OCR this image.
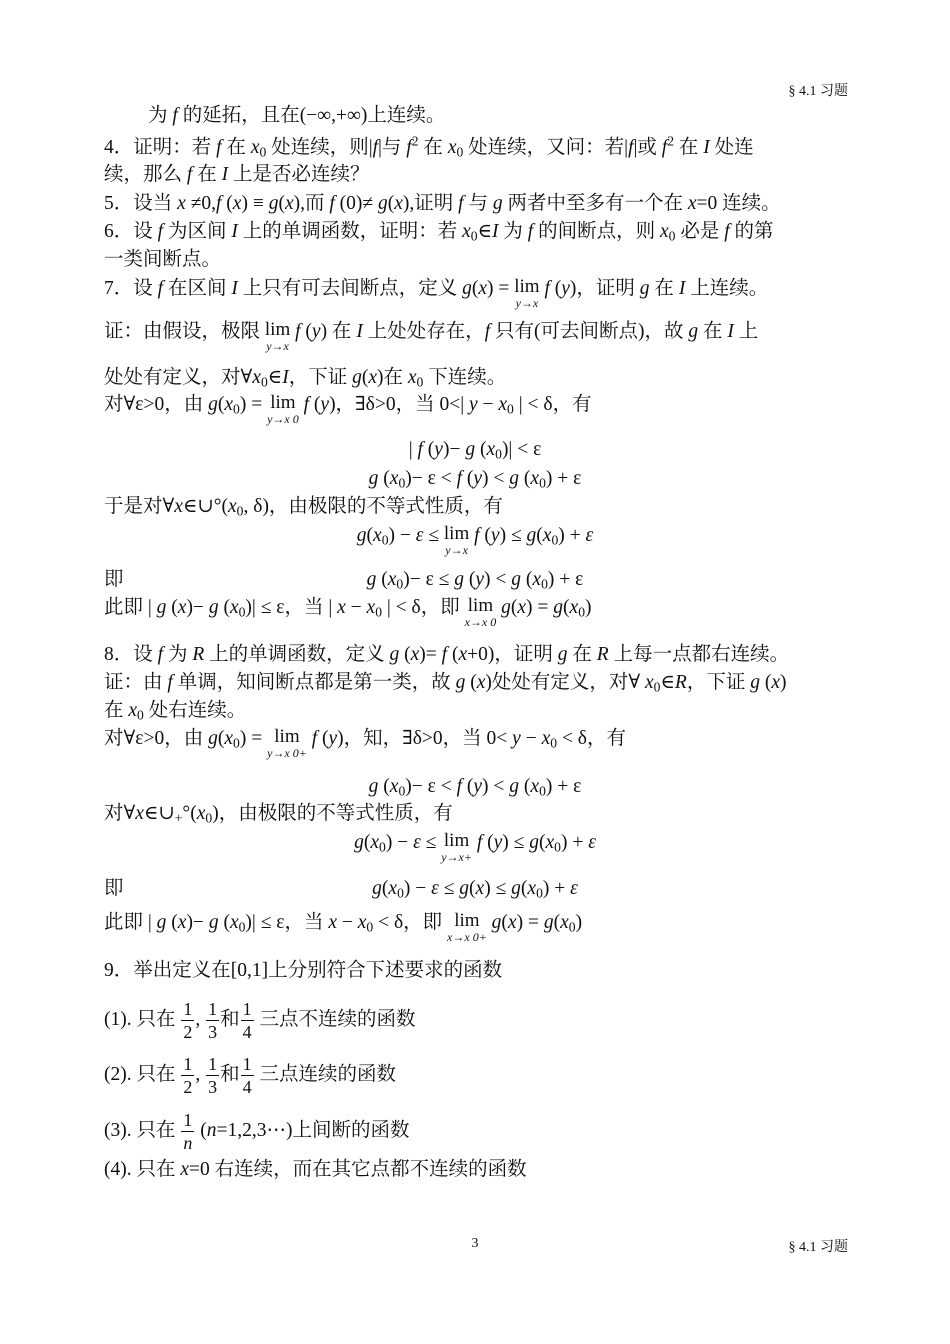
§ 4.1 习题
为 f 的延拓，且在(−∞,+∞)上连续。
4．证明：若 f 在 $x_0$ 处连续，则|f|与 $f^2$ 在 $x_0$ 处连续，又问：若|f|或 $f^2$ 在 I 处连
续，那么 f 在 I 上是否必连续？
5．设当 x ≠0,f (x) ≡ g(x),而 f (0)≠ g(x),证明 f 与 g 两者中至多有一个在 x=0 连续。
6．设 f 为区间 I 上的单调函数，证明：若 $x_0\in I$ 为 f 的间断点，则 $x_0$ 必是 f 的第
一类间断点。
7．设 f 在区间 I 上只有可去间断点，定义 g(x) = lim
y→x
f (y)，证明 g 在 I 上连续。
证：由假设，极限 lim
y→x
f (y) 在 I 上处处存在，f 只有(可去间断点)，故 g 在 I 上
处处有定义，对$\forall x_0\in I$，下证 g(x)在 $x_0$ 下连续。
对∀ε>0，由 $g(x_0) = \lim$
y→x 0
f (y)，∃δ>0，当 0<| $y - x_0$ | < δ，有
| f (y)− g $(x_0)| < \varepsilon$
g $(x_0)- \varepsilon < f$ (y) < g $(x_0) + \varepsilon$
于是对$\forall x\in\cup^\circ(x_0$, δ)，由极限的不等式性质，有
$g(x_0) - \varepsilon \le \lim$
y→x
f $(y) \le g(x_0) + \varepsilon$
即	g $(x_0)- \varepsilon \le g$ (y) < g $(x_0) + \varepsilon$
此即 | g (x)− g $(x_0)| \le \varepsilon$，当 | $x - x_0$ | < δ，即 lim
x→x 0
$g(x) = g(x_0)$
8．设 f 为 R 上的单调函数，定义 g (x)= f (x+0)，证明 g 在 R 上每一点都右连续。
证：由 f 单调，知间断点都是第一类，故 g (x)处处有定义，对∀ $x_0\in R$，下证 g (x)
在 $x_0$ 处右连续。
对∀ε>0，由 $g(x_0) = \lim$
y→x 0+
f (y)，知，∃δ>0，当 $0< y - x_0 < \delta$，有
g $(x_0)- \varepsilon < f$ (y) < g $(x_0) + \varepsilon$
对$\forall x\in\cup_+^\circ(x_0)$，由极限的不等式性质，有
$g(x_0) - \varepsilon \le \lim$
y→x+
f $(y) \le g(x_0) + \varepsilon$
即	$g(x_0) - \varepsilon \le g(x) \le g(x_0) + \varepsilon$
此即 | g (x)− g $(x_0)| \le \varepsilon$，当 $x - x_0 < \delta$，即 lim
x→x 0+
$g(x) = g(x_0)$
9．举出定义在[0,1]上分别符合下述要求的函数
(1). 只在 $\frac{1}{2}$ , $\frac{1}{3}$ 和 $\frac{1}{4}$ 三点不连续的函数
(2). 只在 $\frac{1}{2}$ , $\frac{1}{3}$ 和 $\frac{1}{4}$ 三点连续的函数
(3). 只在 $\frac{1}{n}$ (n=1,2,3⋯)上间断的函数
(4). 只在 x=0 右连续，而在其它点都不连续的函数
3	§ 4.1 习题
